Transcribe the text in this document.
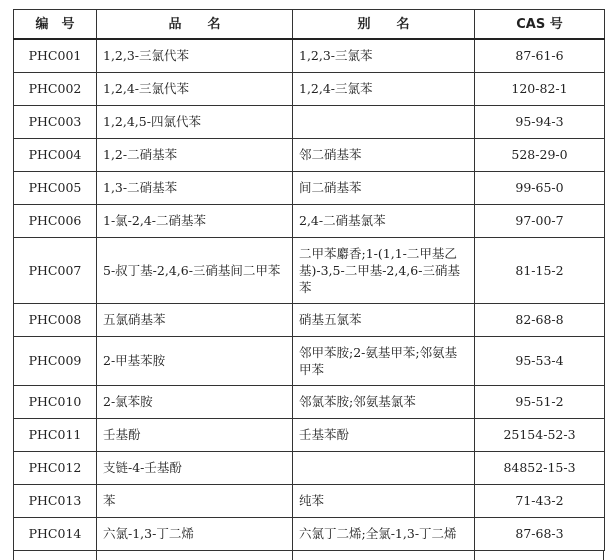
编　号	品　　名	别　　名	CAS 号
PHC001	1,2,3-三氯代苯	1,2,3-三氯苯	87-61-6
PHC002	1,2,4-三氯代苯	1,2,4-三氯苯	120-82-1
PHC003	1,2,4,5-四氯代苯		95-94-3
PHC004	1,2-二硝基苯	邻二硝基苯	528-29-0
PHC005	1,3-二硝基苯	间二硝基苯	99-65-0
PHC006	1-氯-2,4-二硝基苯	2,4-二硝基氯苯	97-00-7
PHC007	5-叔丁基-2,4,6-三硝基间二甲苯	二甲苯麝香;1-(1,1-二甲基乙基)-3,5-二甲基-2,4,6-三硝基苯	81-15-2
PHC008	五氯硝基苯	硝基五氯苯	82-68-8
PHC009	2-甲基苯胺	邻甲苯胺;2-氨基甲苯;邻氨基甲苯	95-53-4
PHC010	2-氯苯胺	邻氯苯胺;邻氨基氯苯	95-51-2
PHC011	壬基酚	壬基苯酚	25154-52-3
PHC012	支链-4-壬基酚		84852-15-3
PHC013	苯	纯苯	71-43-2
PHC014	六氯-1,3-丁二烯	六氯丁二烯;全氯-1,3-丁二烯	87-68-3
